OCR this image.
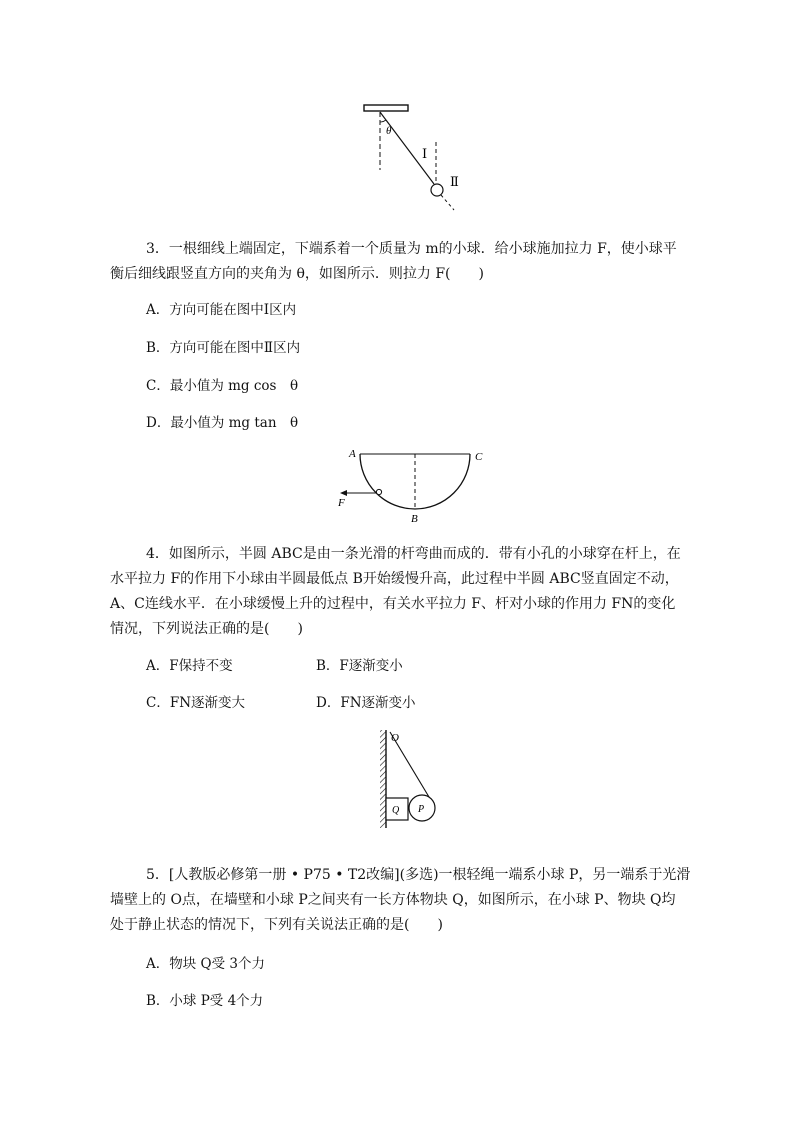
θ
Ⅰ
Ⅱ

3．一根细线上端固定，下端系着一个质量为 m的小球．给小球施加拉力 F，使小球平
衡后细线跟竖直方向的夹角为 θ，如图所示．则拉力 F(　　)

A．方向可能在图中Ⅰ区内
B．方向可能在图中Ⅱ区内
C．最小值为 mg cos　θ
D．最小值为 mg tan　θ
A	C
B
F

4．如图所示，半圆 ABC是由一条光滑的杆弯曲而成的．带有小孔的小球穿在杆上，在
水平拉力 F的作用下小球由半圆最低点 B开始缓慢升高，此过程中半圆 ABC竖直固定不动，
A、C连线水平．在小球缓慢上升的过程中，有关水平拉力 F、杆对小球的作用力 FN的变化
情况，下列说法正确的是(　　)

A．F保持不变	B．F逐渐变小
C．FN逐渐变大	D．FN逐渐变小
O
Q P

5．[人教版必修第一册 • P75 • T2改编](多选)一根轻绳一端系小球 P，另一端系于光滑
墙壁上的 O点，在墙壁和小球 P之间夹有一长方体物块 Q，如图所示，在小球 P、物块 Q均
处于静止状态的情况下，下列有关说法正确的是(　　)

A．物块 Q受 3个力
B．小球 P受 4个力
